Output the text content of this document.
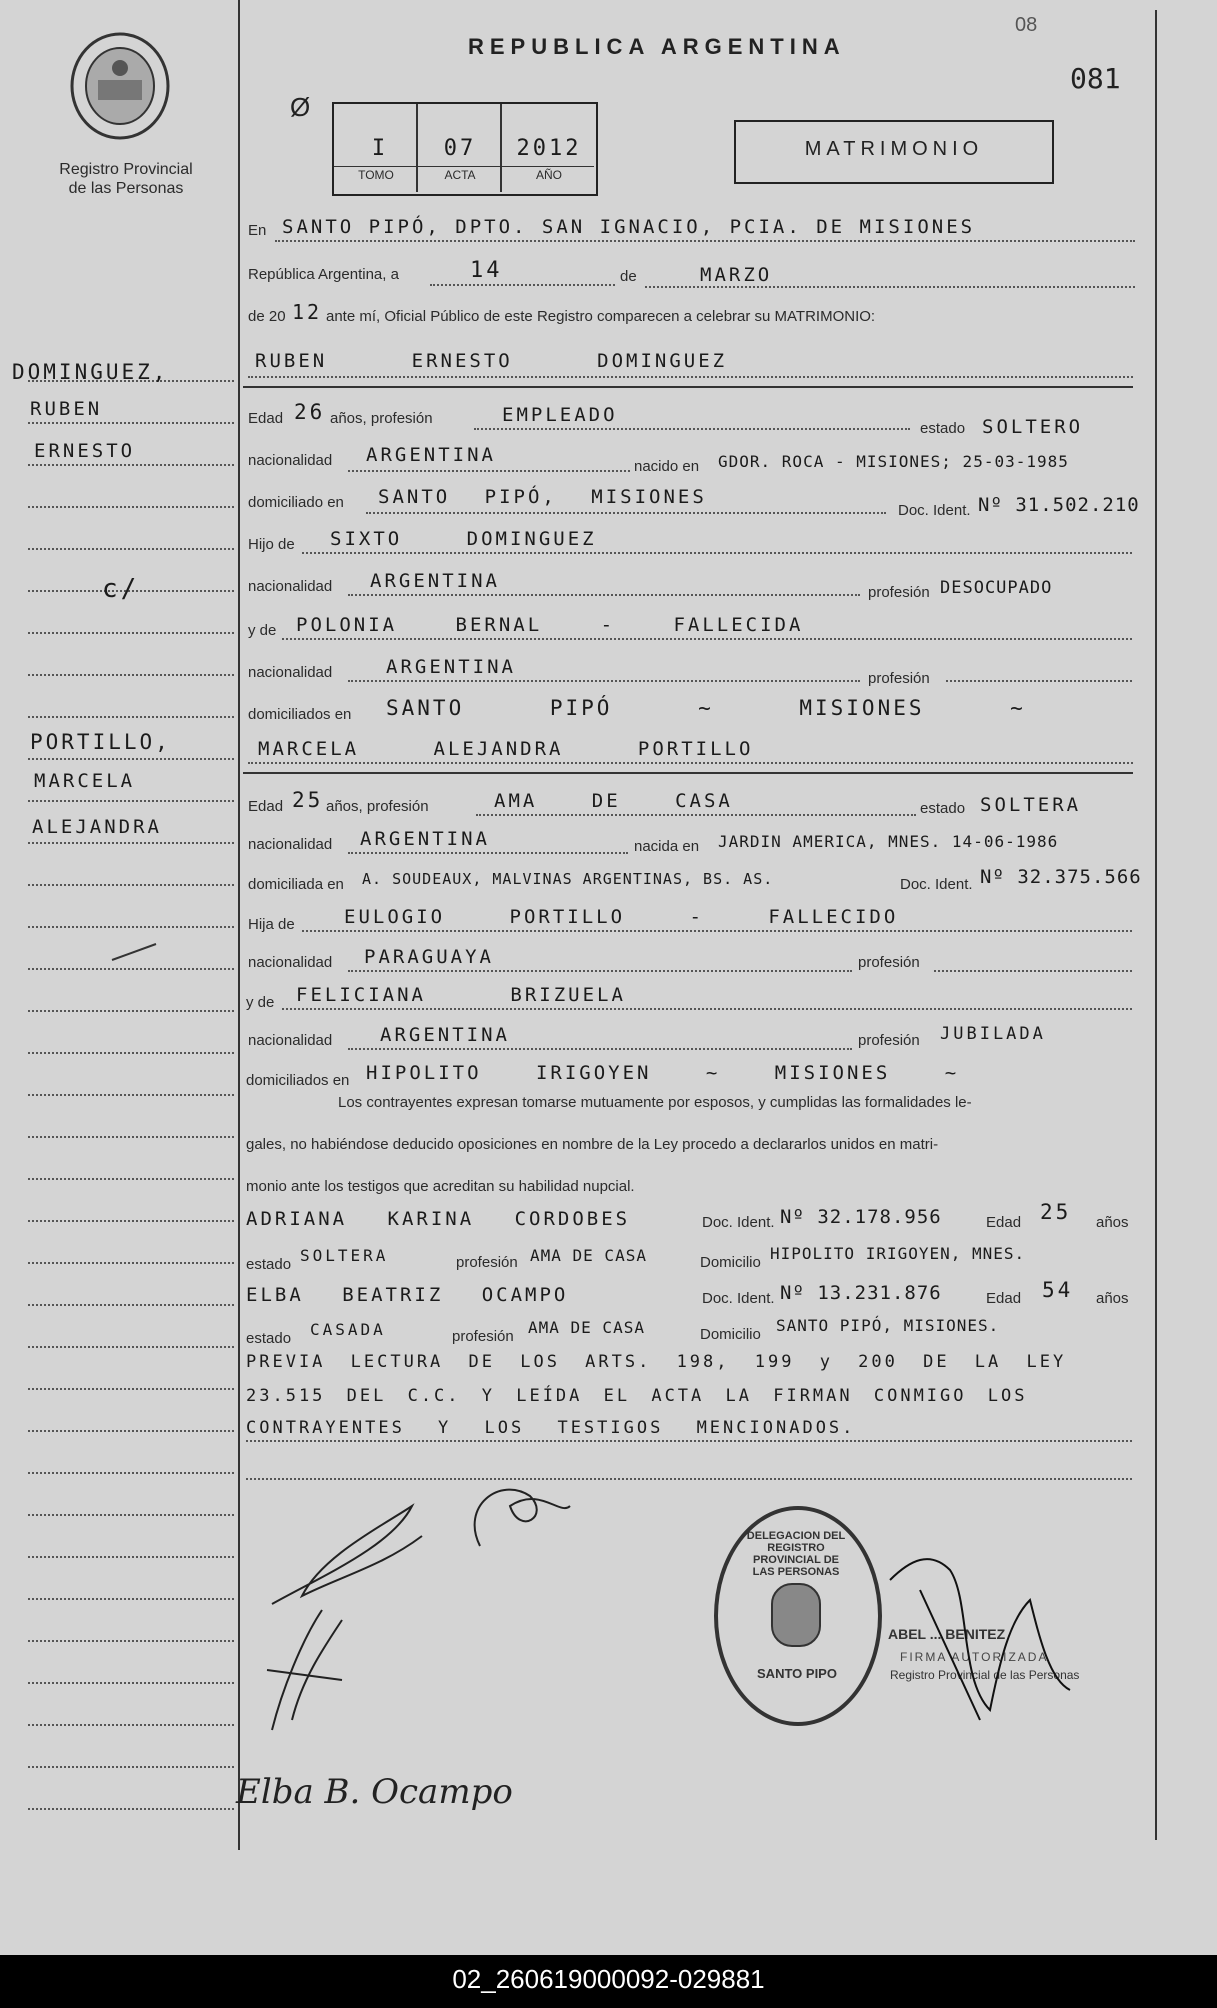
Registro Provincial
de las Personas
REPUBLICA ARGENTINA
08
081
Ø
I	07	2012
TOMO	ACTA	AÑO
MATRIMONIO
En SANTO PIPÓ, DPTO. SAN IGNACIO, PCIA. DE MISIONES
República Argentina, a	14	de	MARZO
de 20 12 ante mí, Oficial Público de este Registro comparecen a celebrar su MATRIMONIO:
RUBEN ERNESTO DOMINGUEZ
DOMINGUEZ,
RUBEN
ERNESTO
c/
PORTILLO,
MARCELA
ALEJANDRA
Edad 26 años, profesión	EMPLEADO
estado SOLTERO
nacionalidad ARGENTINA
nacido en GDOR. ROCA - MISIONES; 25-03-1985
domiciliado en SANTO PIPÓ, MISIONES
Doc. Ident. Nº 31.502.210
Hijo de SIXTO DOMINGUEZ
nacionalidad ARGENTINA
profesión DESOCUPADO
y de POLONIA BERNAL - FALLECIDA
nacionalidad	ARGENTINA
profesión
domiciliados en SANTO PIPÓ ~ MISIONES ~
MARCELA ALEJANDRA PORTILLO
Edad 25 años, profesión	AMA DE CASA	estado SOLTERA
nacionalidad ARGENTINA	nacida en JARDIN AMERICA, MNES. 14-06-1986
domiciliada en A. SOUDEAUX, MALVINAS ARGENTINAS, BS. AS.	Doc. Ident. Nº 32.375.566
Hija de	EULOGIO PORTILLO - FALLECIDO
nacionalidad PARAGUAYA	profesión
y de FELICIANA BRIZUELA
nacionalidad	ARGENTINA	profesión JUBILADA
domiciliados en HIPOLITO IRIGOYEN ~ MISIONES ~
Los contrayentes expresan tomarse mutuamente por esposos, y cumplidas las formalidades le-
gales, no habiéndose deducido oposiciones en nombre de la Ley procedo a declararlos unidos en matri-
monio ante los testigos que acreditan su habilidad nupcial.
ADRIANA KARINA CORDOBES	Doc. Ident. Nº 32.178.956	Edad 25 años
estado SOLTERA	profesión AMA DE CASA	Domicilio HIPOLITO IRIGOYEN, MNES.
ELBA BEATRIZ OCAMPO	Doc. Ident. Nº 13.231.876	Edad 54 años
estado CASADA	profesión AMA DE CASA	Domicilio SANTO PIPÓ, MISIONES.
PREVIA LECTURA DE LOS ARTS. 198, 199 y 200 DE LA LEY
23.515 DEL C.C. Y LEÍDA EL ACTA LA FIRMAN CONMIGO LOS
CONTRAYENTES Y LOS TESTIGOS MENCIONADOS.
DELEGACION DEL REGISTRO PROVINCIAL DE LAS PERSONAS
SANTO PIPO
ABEL ... BENITEZ
FIRMA AUTORIZADA
Registro Provincial de las Personas
Elba B. Ocampo
02_260619000092-029881
